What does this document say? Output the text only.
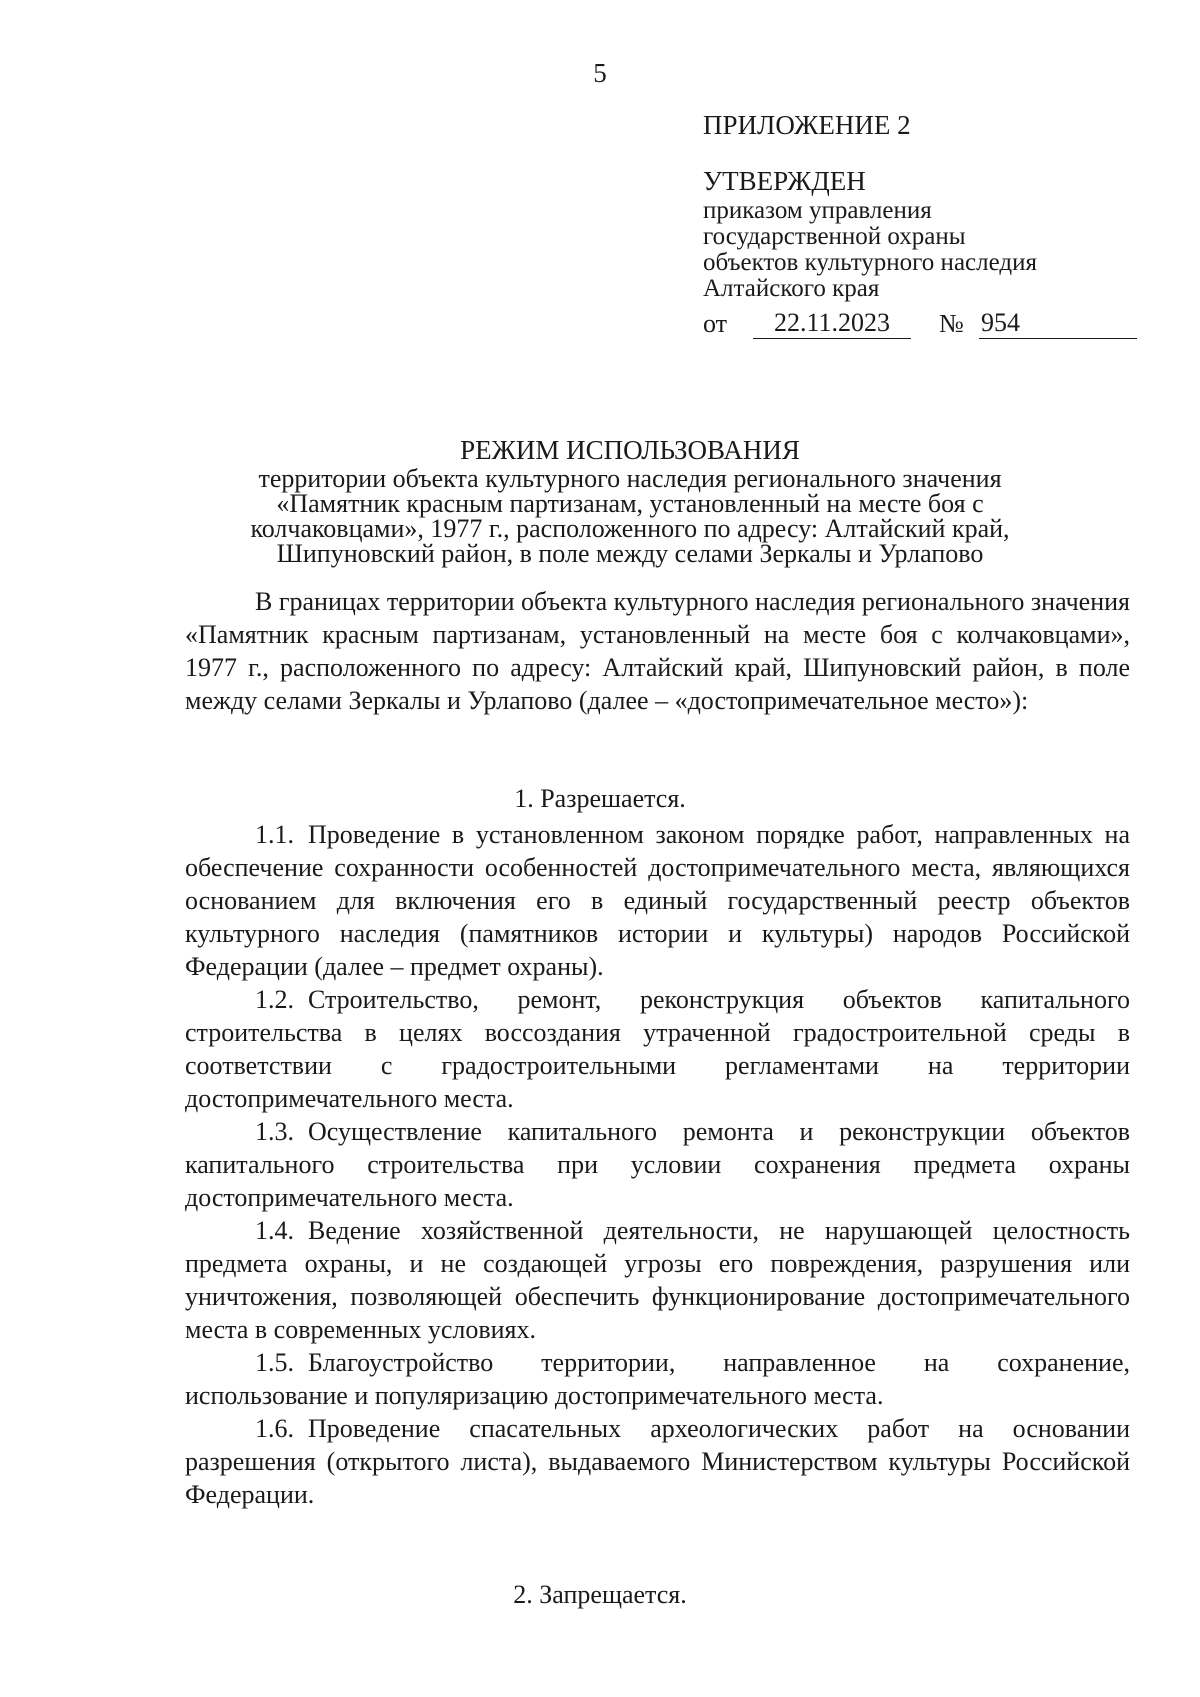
5

ПРИЛОЖЕНИЕ 2

УТВЕРЖДЕН

приказом управления
государственной охраны
объектов культурного наследия
Алтайского края
от	22.11.2023	№ 954

РЕЖИМ ИСПОЛЬЗОВАНИЯ

территории объекта культурного наследия регионального значения
«Памятник красным партизанам, установленный на месте боя с
колчаковцами», 1977 г., расположенного по адресу: Алтайский край,
Шипуновский район, в поле между селами Зеркалы и Урлапово

В границах территории объекта культурного наследия регионального значения «Памятник красным партизанам, установленный на месте боя с колчаковцами», 1977 г., расположенного по адресу: Алтайский край, Шипуновский район, в поле между селами Зеркалы и Урлапово (далее – «достопримечательное место»):

1. Разрешается.

1.1. Проведение в установленном законом порядке работ, направленных на обеспечение сохранности особенностей достопримечательного места, являющихся основанием для включения его в единый государственный реестр объектов культурного наследия (памятников истории и культуры) народов Российской Федерации (далее – предмет охраны).

1.2. Строительство, ремонт, реконструкция объектов капитального строительства в целях воссоздания утраченной градостроительной среды в соответствии с градостроительными регламентами на территории достопримечательного места.

1.3. Осуществление капитального ремонта и реконструкции объектов капитального строительства при условии сохранения предмета охраны достопримечательного места.

1.4. Ведение хозяйственной деятельности, не нарушающей целостность предмета охраны, и не создающей угрозы его повреждения, разрушения или уничтожения, позволяющей обеспечить функционирование достопримечательного места в современных условиях.

1.5. Благоустройство территории, направленное на сохранение, использование и популяризацию достопримечательного места.

1.6. Проведение спасательных археологических работ на основании разрешения (открытого листа), выдаваемого Министерством культуры Российской Федерации.

2. Запрещается.
